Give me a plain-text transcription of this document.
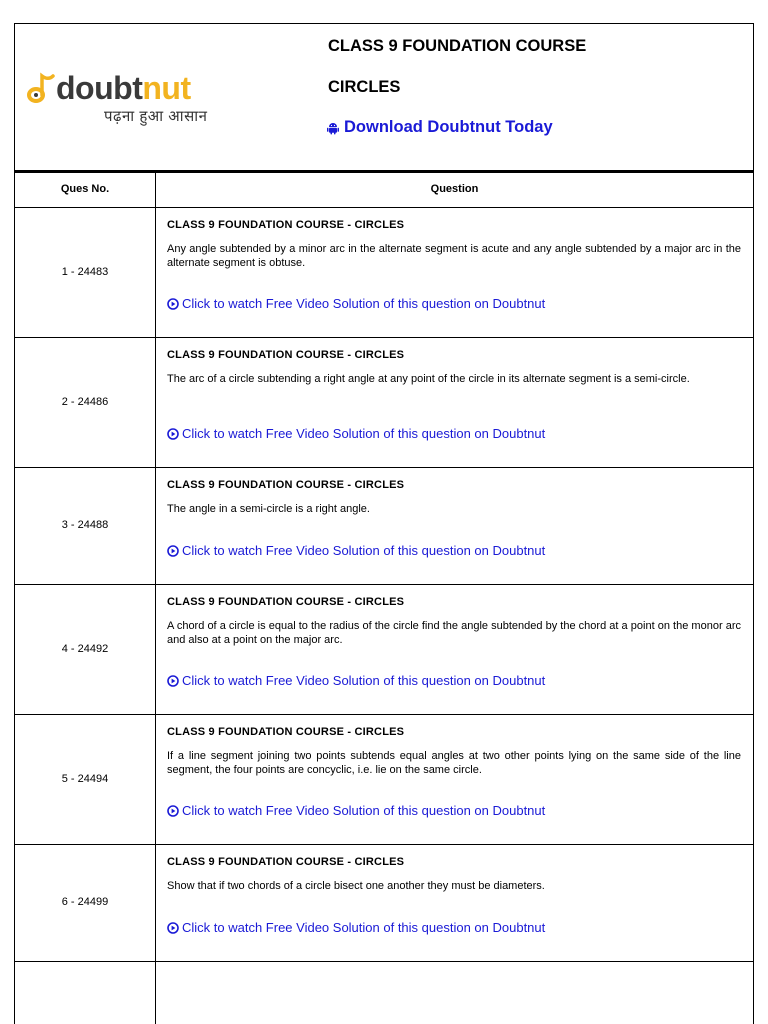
doubtnut
पढ़ना हुआ आसान
CLASS 9 FOUNDATION COURSE
CIRCLES
Download Doubtnut Today
Ques No.	Question
1 - 24483
CLASS 9 FOUNDATION COURSE - CIRCLES
Any angle subtended by a minor arc in the alternate segment is acute and any angle subtended by a major arc in the alternate segment is obtuse.
Click to watch Free Video Solution of this question on Doubtnut
2 - 24486
CLASS 9 FOUNDATION COURSE - CIRCLES
The arc of a circle subtending a right angle at any point of the circle in its alternate segment is a semi-circle.
Click to watch Free Video Solution of this question on Doubtnut
3 - 24488
CLASS 9 FOUNDATION COURSE - CIRCLES
The angle in a semi-circle is a right angle.
Click to watch Free Video Solution of this question on Doubtnut
4 - 24492
CLASS 9 FOUNDATION COURSE - CIRCLES
A chord of a circle is equal to the radius of the circle find the angle subtended by the chord at a point on the monor arc and also at a point on the major arc.
Click to watch Free Video Solution of this question on Doubtnut
5 - 24494
CLASS 9 FOUNDATION COURSE - CIRCLES
If a line segment joining two points subtends equal angles at two other points lying on the same side of the line segment, the four points are concyclic, i.e. lie on the same circle.
Click to watch Free Video Solution of this question on Doubtnut
6 - 24499
CLASS 9 FOUNDATION COURSE - CIRCLES
Show that if two chords of a circle bisect one another they must be diameters.
Click to watch Free Video Solution of this question on Doubtnut
